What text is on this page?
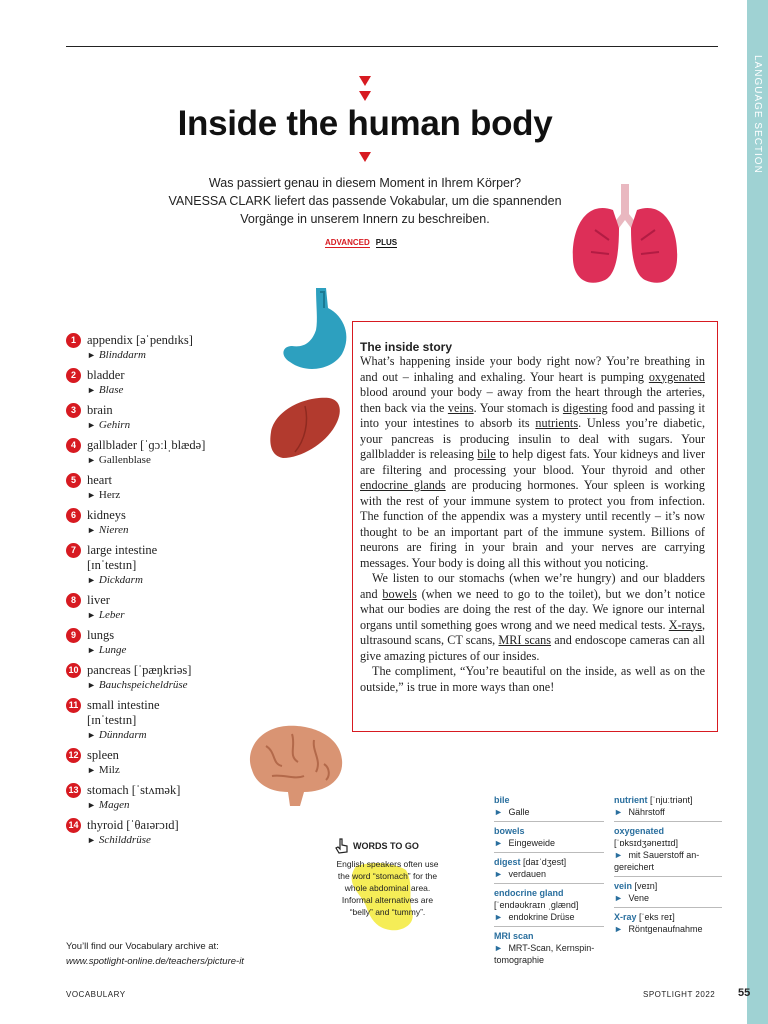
LANGUAGE SECTION
Inside the human body
Was passiert genau in diesem Moment in Ihrem Körper?
VANESSA CLARK liefert das passende Vokabular, um die spannenden
Vorgänge in unserem Innern zu beschreiben.
ADVANCED PLUS
1 appendix [əˈpendɪks]
► Blinddarm
2 bladder
► Blase
3 brain
► Gehirn
4 gallblader [ˈɡɔːlˌblædə]
► Gallenblase
5 heart
► Herz
6 kidneys
► Nieren
7 large intestine
[ɪnˈtestɪn]
► Dickdarm
8 liver
► Leber
9 lungs
► Lunge
10 pancreas [ˈpæŋkriəs]
► Bauchspeicheldrüse
11 small intestine
[ɪnˈtestɪn]
► Dünndarm
12 spleen
► Milz
13 stomach [ˈstʌmək]
► Magen
14 thyroid [ˈθaɪərɔɪd]
► Schilddrüse
The inside story

What’s happening inside your body right now? You’re breathing in and out – inhaling and exhaling. Your heart is pumping oxygenated blood around your body – away from the heart through the arteries, then back via the veins. Your stomach is digesting food and passing it into your intestines to absorb its nutrients. Unless you’re diabetic, your pancreas is producing insulin to deal with sugars. Your gallbladder is releasing bile to help digest fats. Your kidneys and liver are filtering and processing your blood. Your thyroid and other endocrine glands are producing hormones. Your spleen is working with the rest of your immune system to protect you from infection. The function of the appendix was a mystery until recently – it’s now thought to be an important part of the immune system. Billions of neurons are firing in your brain and your nerves are carrying messages. Your body is doing all this without you noticing.

We listen to our stomachs (when we’re hungry) and our bladders and bowels (when we need to go to the toilet), but we don’t notice what our bodies are doing the rest of the day. We ignore our internal organs until something goes wrong and we need medical tests. X-rays, ultrasound scans, CT scans, MRI scans and endoscope cameras can all give amazing pictures of our insides.

The compliment, “You’re beautiful on the inside, as well as on the outside,” is true in more ways than one!

bile
► Galle
bowels
► Eingeweide
digest [daɪˈdʒest]
► verdauen
endocrine gland
[ˈendəʊkraɪn ˌɡlænd]
► endokrine Drüse
MRI scan
► MRT-Scan, Kernspin-
tomographie
nutrient [ˈnjuːtriənt]
► Nährstoff
oxygenated
[ˈɒksɪdʒəneɪtɪd]
► mit Sauerstoff an-
gereichert
vein [veɪn]
► Vene
X-ray [ˈeks reɪ]
► Röntgenaufnahme
WORDS TO GO
English speakers often use the word “stomach” for the whole abdominal area. Informal alternatives are “belly” and “tummy”.
You’ll find our Vocabulary archive at:
www.spotlight-online.de/teachers/picture-it
VOCABULARY	SPOTLIGHT 2022 55
